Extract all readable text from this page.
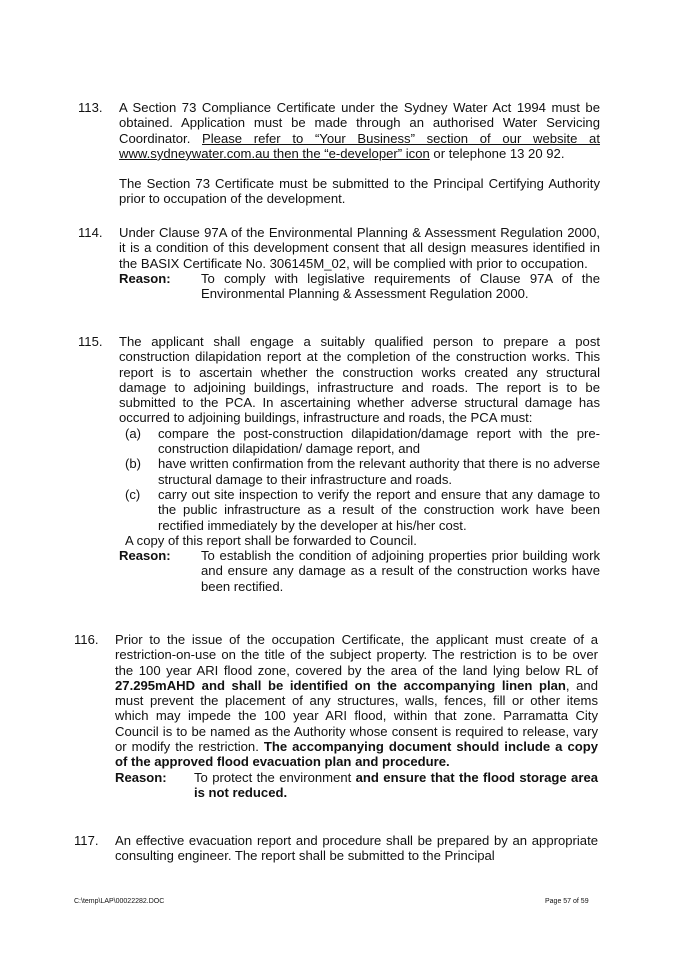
113.	A Section 73 Compliance Certificate under the Sydney Water Act 1994 must be obtained. Application must be made through an authorised Water Servicing Coordinator. Please refer to “Your Business” section of our website at www.sydneywater.com.au then the “e-developer” icon or telephone 13 20 92.

The Section 73 Certificate must be submitted to the Principal Certifying Authority prior to occupation of the development.

114.	Under Clause 97A of the Environmental Planning & Assessment Regulation 2000, it is a condition of this development consent that all design measures identified in the BASIX Certificate No. 306145M_02, will be complied with prior to occupation.

Reason:	To comply with legislative requirements of Clause 97A of the Environmental Planning & Assessment Regulation 2000.
115.	The applicant shall engage a suitably qualified person to prepare a post construction dilapidation report at the completion of the construction works. This report is to ascertain whether the construction works created any structural damage to adjoining buildings, infrastructure and roads. The report is to be submitted to the PCA. In ascertaining whether adverse structural damage has occurred to adjoining buildings, infrastructure and roads, the PCA must:

(a)	compare the post-construction dilapidation/damage report with the pre-construction dilapidation/ damage report, and
(b)	have written confirmation from the relevant authority that there is no adverse structural damage to their infrastructure and roads.
(c)	carry out site inspection to verify the report and ensure that any damage to the public infrastructure as a result of the construction work have been rectified immediately by the developer at his/her cost.

A copy of this report shall be forwarded to Council.

Reason:	To establish the condition of adjoining properties prior building work and ensure any damage as a result of the construction works have been rectified.
116.	Prior to the issue of the occupation Certificate, the applicant must create of a restriction-on-use on the title of the subject property. The restriction is to be over the 100 year ARI flood zone, covered by the area of the land lying below RL of 27.295mAHD and shall be identified on the accompanying linen plan, and must prevent the placement of any structures, walls, fences, fill or other items which may impede the 100 year ARI flood, within that zone. Parramatta City Council is to be named as the Authority whose consent is required to release, vary or modify the restriction. The accompanying document should include a copy of the approved flood evacuation plan and procedure.

Reason:	To protect the environment and ensure that the flood storage area is not reduced.
117.	An effective evacuation report and procedure shall be prepared by an appropriate consulting engineer. The report shall be submitted to the Principal

C:\temp\LAP\00022282.DOC	Page 57 of 59
